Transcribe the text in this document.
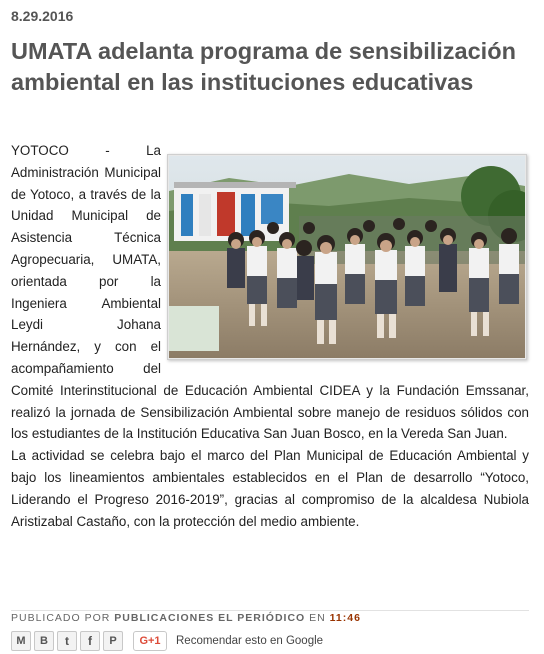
8.29.2016
UMATA adelanta programa de sensibilización ambiental en las instituciones educativas

YOTOCO - La Administración Municipal de Yotoco, a través de la Unidad Municipal de Asistencia Técnica Agropecuaria, UMATA, orientada por la Ingeniera Ambiental Leydi Johana Hernández, y con el acompañamiento del Comité Interinstitucional de Educación Ambiental CIDEA y la Fundación Emssanar, realizó la jornada de Sensibilización Ambiental sobre manejo de residuos sólidos con los estudiantes de la Institución Educativa San Juan Bosco, en la Vereda San Juan.

La actividad se celebra bajo el marco del Plan Municipal de Educación Ambiental y bajo los lineamientos ambientales establecidos en el Plan de desarrollo “Yotoco, Liderando el Progreso 2016-2019”, gracias al compromiso de la alcaldesa Nubiola Aristizabal Castaño, con la protección del medio ambiente.

PUBLICADO POR PUBLICACIONES EL PERIÓDICO EN 11:46
M B t f P G+1 Recomendar esto en Google
